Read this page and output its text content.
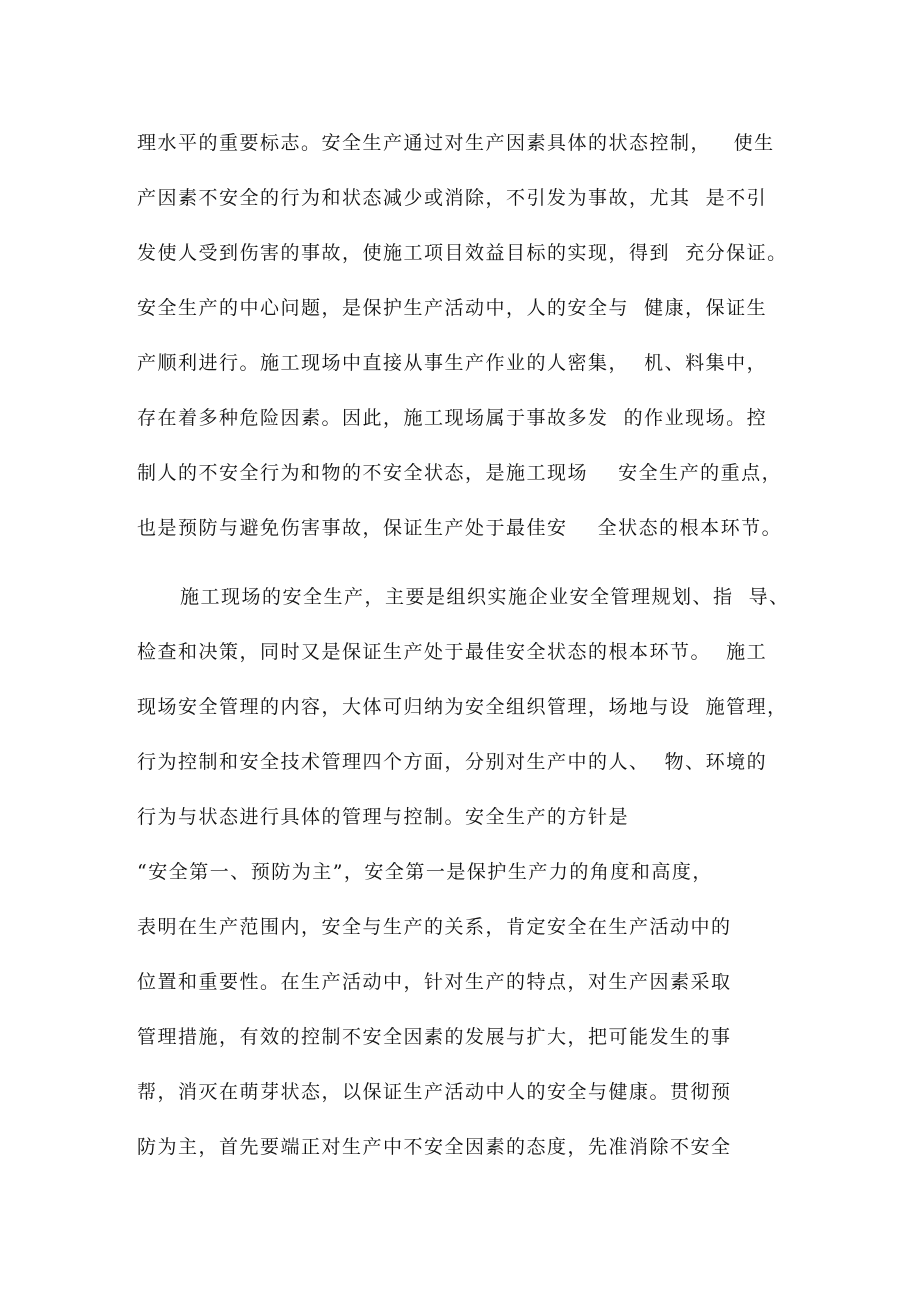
理水平的重要标志。安全生产通过对生产因素具体的状态控制，   使生
产因素不安全的行为和状态减少或消除，不引发为事故，尤其  是不引
发使人受到伤害的事故，使施工项目效益目标的实现，得到  充分保证。
安全生产的中心问题，是保护生产活动中，人的安全与  健康，保证生
产顺利进行。施工现场中直接从事生产作业的人密集，  机、料集中，
存在着多种危险因素。因此，施工现场属于事故多发  的作业现场。控
制人的不安全行为和物的不安全状态，是施工现场    安全生产的重点，
也是预防与避免伤害事故，保证生产处于最佳安    全状态的根本环节。
施工现场的安全生产，主要是组织实施企业安全管理规划、指  导、
检查和决策，同时又是保证生产处于最佳安全状态的根本环节。  施工
现场安全管理的内容，大体可归纳为安全组织管理，场地与设  施管理，
行为控制和安全技术管理四个方面，分别对生产中的人、  物、环境的
行为与状态进行具体的管理与控制。安全生产的方针是
“安全第一、预防为主”，安全第一是保护生产力的角度和高度，
表明在生产范围内，安全与生产的关系，肯定安全在生产活动中的
位置和重要性。在生产活动中，针对生产的特点，对生产因素采取
管理措施，有效的控制不安全因素的发展与扩大，把可能发生的事
帮，消灭在萌芽状态，以保证生产活动中人的安全与健康。贯彻预
防为主，首先要端正对生产中不安全因素的态度，先准消除不安全
